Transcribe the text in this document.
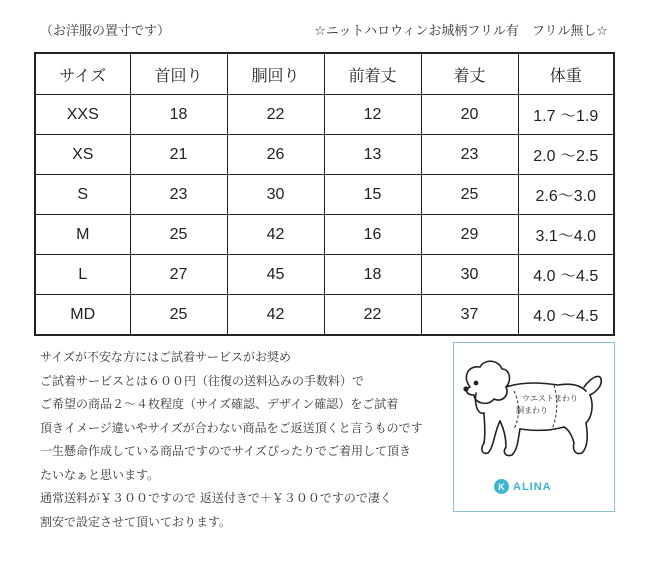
（お洋服の置寸です）	☆ニットハロウィンお城柄フリル有　フリル無し☆
サイズ	首回り	胴回り	前着丈	着丈	体重
XXS	18	22	12	20	1.7 ～1.9
XS	21	26	13	23	2.0 ～2.5
S	23	30	15	25	2.6～3.0
M	25	42	16	29	3.1～4.0
L	27	45	18	30	4.0 ～4.5
MD	25	42	22	37	4.0 ～4.5

サイズが不安な方にはご試着サービスがお奨め

ご試着サービスとは６００円（往復の送料込みの手数料）で

ご希望の商品２～４枚程度（サイズ確認、デザイン確認）をご試着

頂きイメージ違いやサイズが合わない商品をご返送頂くと言うものです

一生懸命作成している商品ですのでサイズぴったりでご着用して頂き

たいなぁと思います。

通常送料が￥３００ですので 返送付きで＋￥３００ですので凄く

割安で設定させて頂いております。

ウエストまわり
胴まわり
K ALINA
